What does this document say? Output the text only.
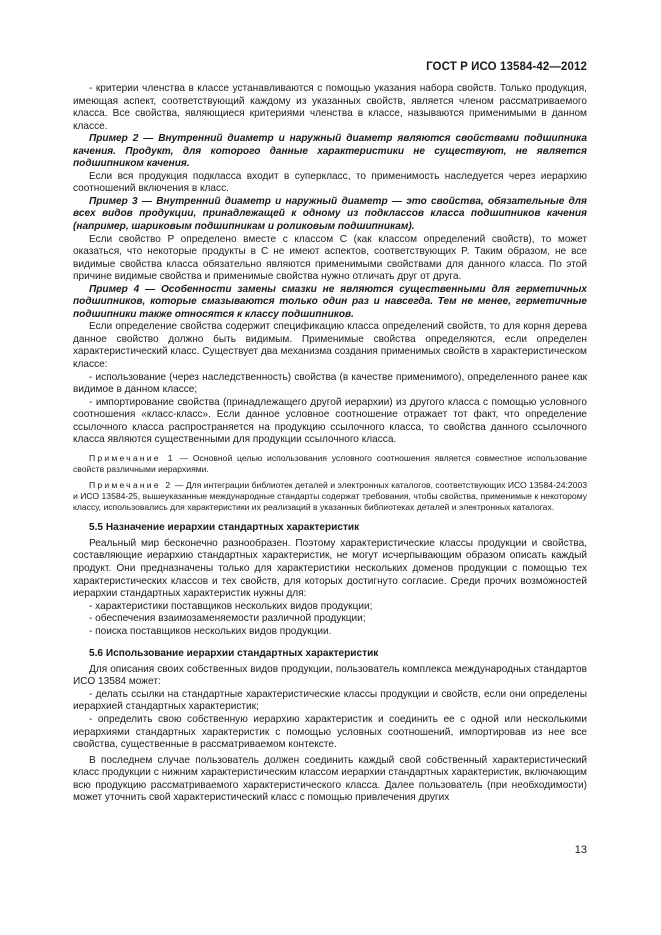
ГОСТ Р ИСО 13584-42—2012

- критерии членства в классе устанавливаются с помощью указания набора свойств. Только продукция, имеющая аспект, соответствующий каждому из указанных свойств, является членом рассматриваемого класса. Все свойства, являющиеся критериями членства в классе, называются применимыми в данном классе.

Пример 2 — Внутренний диаметр и наружный диаметр являются свойствами подшипника качения. Продукт, для которого данные характеристики не существуют, не является подшипником качения.

Если вся продукция подкласса входит в суперкласс, то применимость наследуется через иерархию соотношений включения в класс.

Пример 3 — Внутренний диаметр и наружный диаметр — это свойства, обязательные для всех видов продукции, принадлежащей к одному из подклассов класса подшипников качения (например, шариковым подшипникам и роликовым подшипникам).

Если свойство P определено вместе с классом C (как классом определений свойств), то может оказаться, что некоторые продукты в C не имеют аспектов, соответствующих P. Таким образом, не все видимые свойства класса обязательно являются применимыми свойствами для данного класса. По этой причине видимые свойства и применимые свойства нужно отличать друг от друга.

Пример 4 — Особенности замены смазки не являются существенными для герметичных подшипников, которые смазываются только один раз и навсегда. Тем не менее, герметичные подшипники также относятся к классу подшипников.

Если определение свойства содержит спецификацию класса определений свойств, то для корня дерева данное свойство должно быть видимым. Применимые свойства определяются, если определен характеристический класс. Существует два механизма создания применимых свойств в характеристическом классе:

- использование (через наследственность) свойства (в качестве применимого), определенного ранее как видимое в данном классе;

- импортирование свойства (принадлежащего другой иерархии) из другого класса с помощью условного соотношения «класс-класс». Если данное условное соотношение отражает тот факт, что определение ссылочного класса распространяется на продукцию ссылочного класса, то свойства данного ссылочного класса являются существенными для продукции ссылочного класса.

Примечание 1 — Основной целью использования условного соотношения является совместное использование свойств различными иерархиями.

Примечание 2 — Для интеграции библиотек деталей и электронных каталогов, соответствующих ИСО 13584-24:2003 и ИСО 13584-25, вышеуказанные международные стандарты содержат требования, чтобы свойства, применимые к некоторому классу, использовались для характеристики их реализаций в указанных библиотеках деталей и электронных каталогах.

5.5 Назначение иерархии стандартных характеристик

Реальный мир бесконечно разнообразен. Поэтому характеристические классы продукции и свойства, составляющие иерархию стандартных характеристик, не могут исчерпывающим образом описать каждый продукт. Они предназначены только для характеристики нескольких доменов продукции с помощью тех характеристических классов и тех свойств, для которых достигнуто согласие. Среди прочих возможностей иерархии стандартных характеристик нужны для:

- характеристики поставщиков нескольких видов продукции;

- обеспечения взаимозаменяемости различной продукции;

- поиска поставщиков нескольких видов продукции.

5.6 Использование иерархии стандартных характеристик

Для описания своих собственных видов продукции, пользователь комплекса международных стандартов ИСО 13584 может:

- делать ссылки на стандартные характеристические классы продукции и свойств, если они определены иерархией стандартных характеристик;

- определить свою собственную иерархию характеристик и соединить ее с одной или несколькими иерархиями стандартных характеристик с помощью условных соотношений, импортировав из нее все свойства, существенные в рассматриваемом контексте.

В последнем случае пользователь должен соединить каждый свой собственный характеристический класс продукции с нижним характеристическим классом иерархии стандартных характеристик, включающим всю продукцию рассматриваемого характеристического класса. Далее пользователь (при необходимости) может уточнить свой характеристический класс с помощью привлечения других

13
